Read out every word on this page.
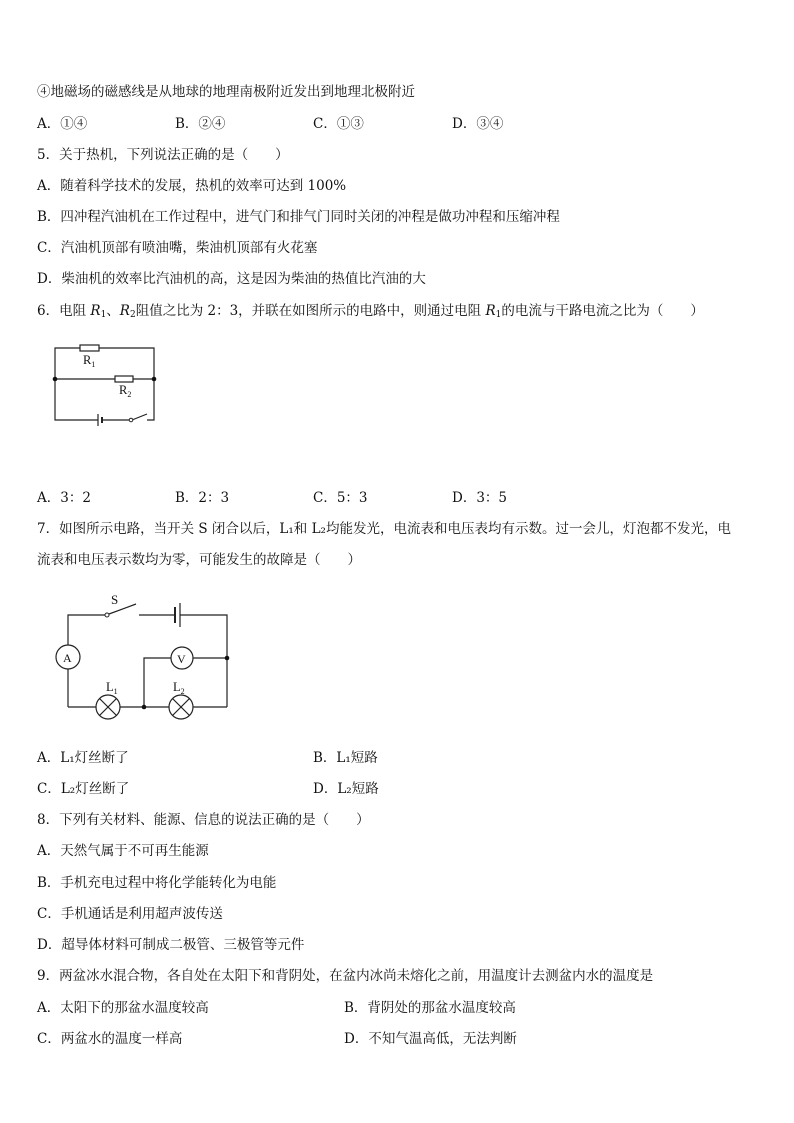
④地磁场的磁感线是从地球的地理南极附近发出到地理北极附近
A．①④	B．②④	C．①③	D．③④
5．关于热机，下列说法正确的是（　　）
A．随着科学技术的发展，热机的效率可达到 100%
B．四冲程汽油机在工作过程中，进气门和排气门同时关闭的冲程是做功冲程和压缩冲程
C．汽油机顶部有喷油嘴，柴油机顶部有火花塞
D．柴油机的效率比汽油机的高，这是因为柴油的热值比汽油的大
6．电阻 $R_1$、$R_2$阻值之比为 2：3，并联在如图所示的电路中，则通过电阻 $R_1$的电流与干路电流之比为（　　）
$R_1$
$R_2$
A．3：2	B．2：3	C．5：3	D．3：5
7．如图所示电路，当开关 S 闭合以后，L₁和 L₂均能发光，电流表和电压表均有示数。过一会儿，灯泡都不发光，电
流表和电压表示数均为零，可能发生的故障是（　　）
S
A	V
$L_1$	$L_2$
A．L₁灯丝断了	B．L₁短路
C．L₂灯丝断了	D．L₂短路
8．下列有关材料、能源、信息的说法正确的是（　　）
A．天然气属于不可再生能源
B．手机充电过程中将化学能转化为电能
C．手机通话是利用超声波传送
D．超导体材料可制成二极管、三极管等元件
9．两盆冰水混合物，各自处在太阳下和背阴处，在盆内冰尚未熔化之前，用温度计去测盆内水的温度是
A．太阳下的那盆水温度较高	B．背阴处的那盆水温度较高
C．两盆水的温度一样高	D．不知气温高低，无法判断
